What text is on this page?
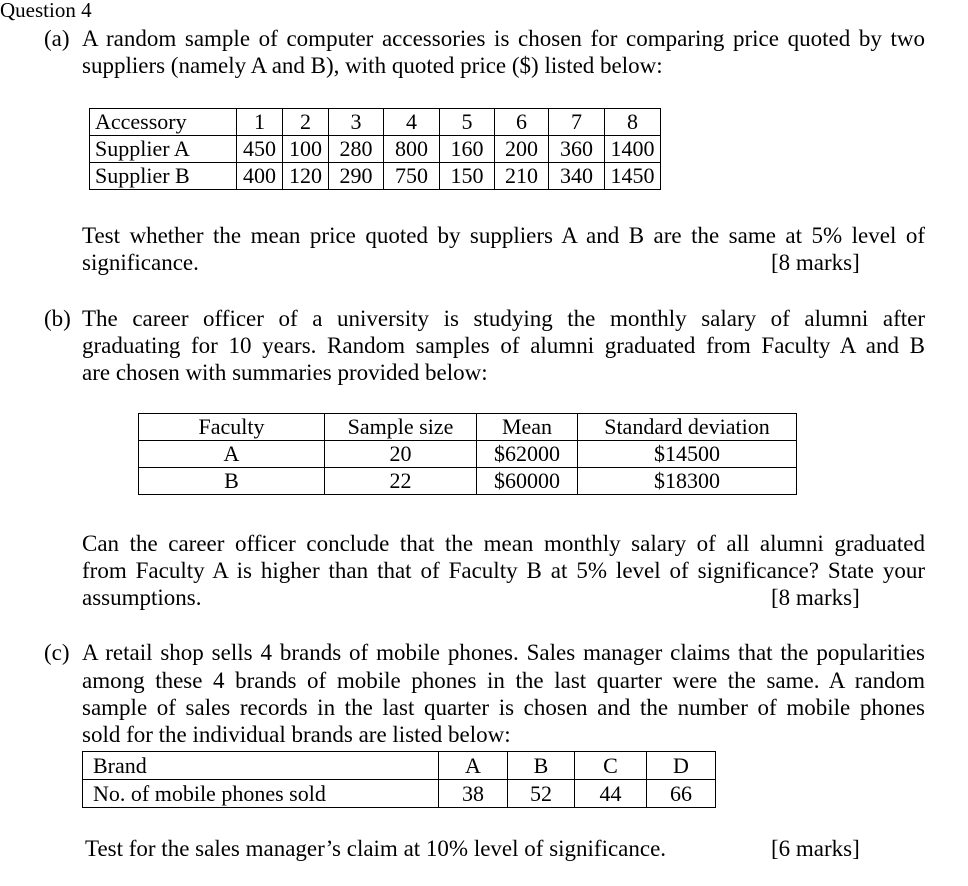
Question 4
(a) A random sample of computer accessories is chosen for comparing price quoted by two
suppliers (namely A and B), with quoted price ($) listed below:
Accessory	1	2	3	4	5	6	7	8
Supplier A	450	100	280	800	160	200	360	1400
Supplier B	400	120	290	750	150	210	340	1450
Test whether the mean price quoted by suppliers A and B are the same at 5% level of
significance.	[8 marks]
(b) The career officer of a university is studying the monthly salary of alumni after
graduating for 10 years. Random samples of alumni graduated from Faculty A and B
are chosen with summaries provided below:
Faculty	Sample size	Mean	Standard deviation
A	20	$62000	$14500
B	22	$60000	$18300
Can the career officer conclude that the mean monthly salary of all alumni graduated
from Faculty A is higher than that of Faculty B at 5% level of significance? State your
assumptions.	[8 marks]
(c) A retail shop sells 4 brands of mobile phones. Sales manager claims that the popularities
among these 4 brands of mobile phones in the last quarter were the same. A random
sample of sales records in the last quarter is chosen and the number of mobile phones
sold for the individual brands are listed below:
Brand	A	B	C	D
No. of mobile phones sold	38	52	44	66
Test for the sales manager’s claim at 10% level of significance.	[6 marks]
